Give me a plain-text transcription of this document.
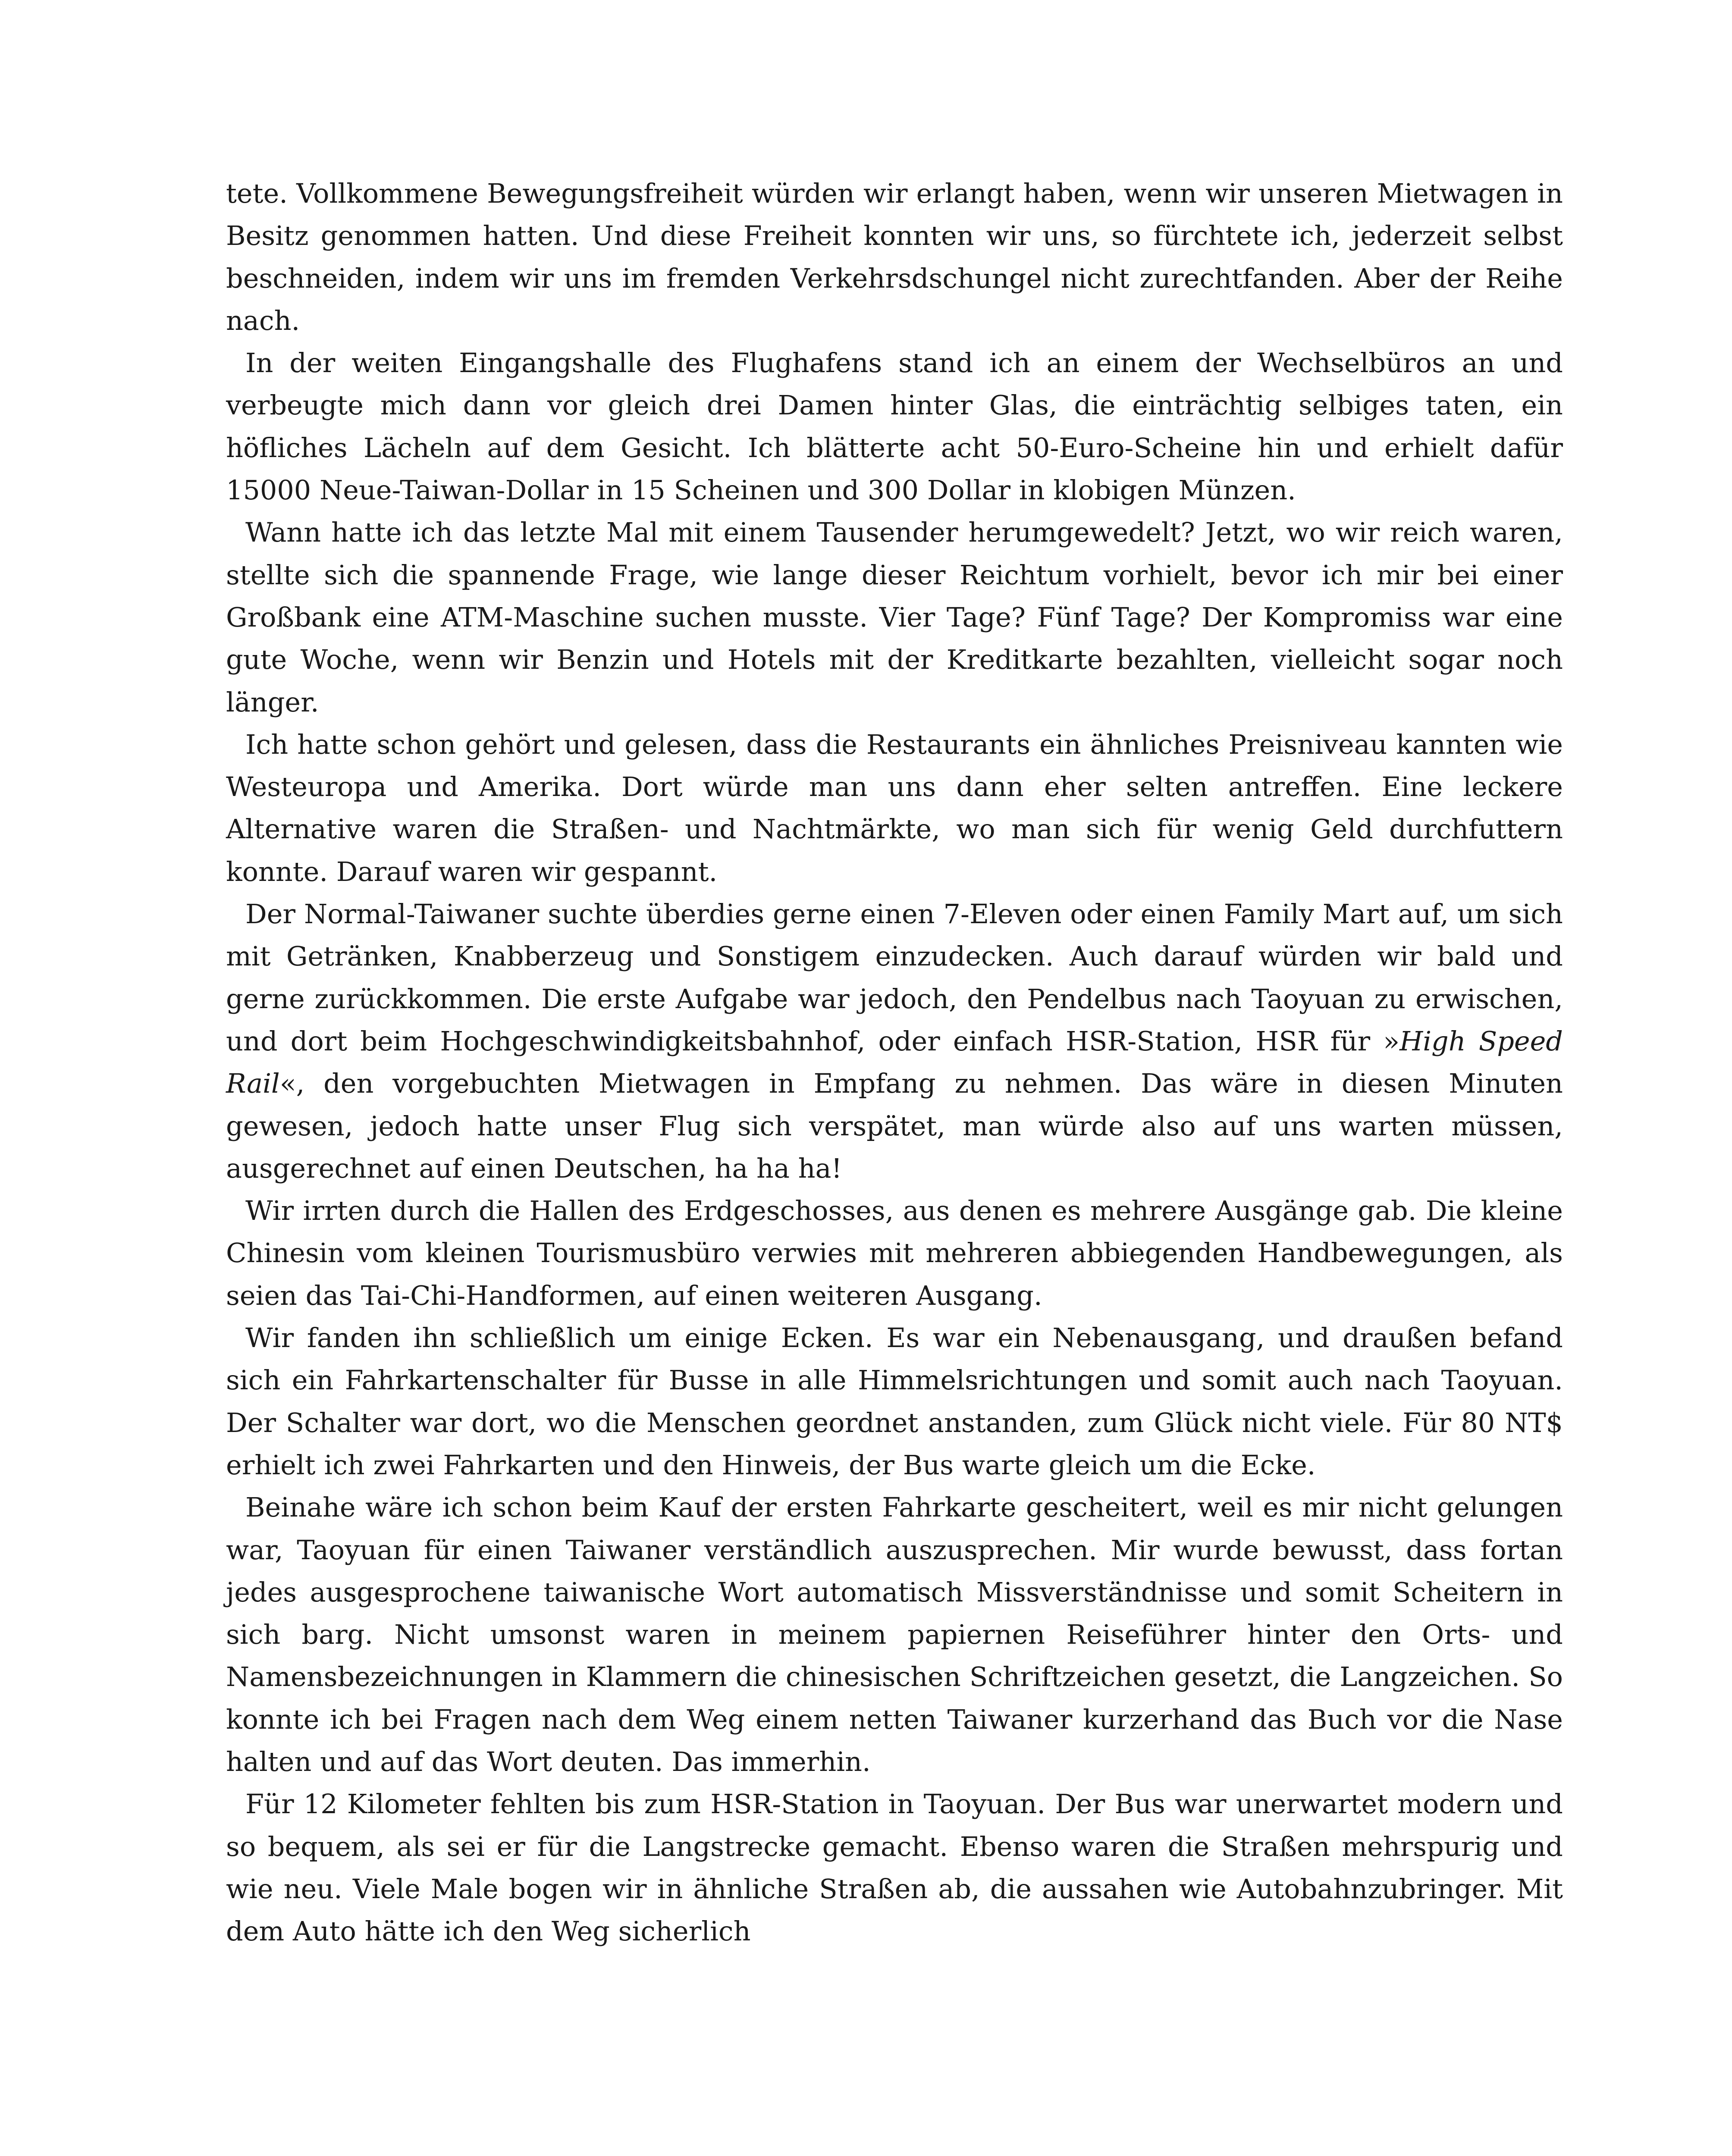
tete. Vollkommene Bewegungsfreiheit würden wir erlangt haben, wenn wir unseren Mietwagen in Besitz genommen hatten. Und diese Freiheit konnten wir uns, so fürchtete ich, jederzeit selbst beschneiden, indem wir uns im fremden Verkehrsdschungel nicht zurechtfanden. Aber der Reihe nach.

In der weiten Eingangshalle des Flughafens stand ich an einem der Wechselbüros an und verbeugte mich dann vor gleich drei Damen hinter Glas, die einträchtig selbiges taten, ein höfliches Lächeln auf dem Gesicht. Ich blätterte acht 50-Euro-Scheine hin und erhielt dafür 15000 Neue-Taiwan-Dollar in 15 Scheinen und 300 Dollar in klobigen Münzen.

Wann hatte ich das letzte Mal mit einem Tausender herumgewedelt? Jetzt, wo wir reich waren, stellte sich die spannende Frage, wie lange dieser Reichtum vorhielt, bevor ich mir bei einer Großbank eine ATM-Maschine suchen musste. Vier Tage? Fünf Tage? Der Kompromiss war eine gute Woche, wenn wir Benzin und Hotels mit der Kreditkarte bezahlten, vielleicht sogar noch länger.

Ich hatte schon gehört und gelesen, dass die Restaurants ein ähnliches Preisniveau kannten wie Westeuropa und Amerika. Dort würde man uns dann eher selten antreffen. Eine leckere Alternative waren die Straßen- und Nachtmärkte, wo man sich für wenig Geld durchfuttern konnte. Darauf waren wir gespannt.

Der Normal-Taiwaner suchte überdies gerne einen 7-Eleven oder einen Family Mart auf, um sich mit Getränken, Knabberzeug und Sonstigem einzudecken. Auch darauf würden wir bald und gerne zurückkommen. Die erste Aufgabe war jedoch, den Pendelbus nach Taoyuan zu erwischen, und dort beim Hochgeschwindigkeitsbahnhof, oder einfach HSR-Station, HSR für »High Speed Rail«, den vorgebuchten Mietwagen in Empfang zu nehmen. Das wäre in diesen Minuten gewesen, jedoch hatte unser Flug sich verspätet, man würde also auf uns warten müssen, ausgerechnet auf einen Deutschen, ha ha ha!

Wir irrten durch die Hallen des Erdgeschosses, aus denen es mehrere Ausgänge gab. Die kleine Chinesin vom kleinen Tourismusbüro verwies mit mehreren abbiegenden Handbewegungen, als seien das Tai-Chi-Handformen, auf einen weiteren Ausgang.

Wir fanden ihn schließlich um einige Ecken. Es war ein Nebenausgang, und draußen befand sich ein Fahrkartenschalter für Busse in alle Himmelsrichtungen und somit auch nach Taoyuan. Der Schalter war dort, wo die Menschen geordnet anstanden, zum Glück nicht viele. Für 80 NT$ erhielt ich zwei Fahrkarten und den Hinweis, der Bus warte gleich um die Ecke.

Beinahe wäre ich schon beim Kauf der ersten Fahrkarte gescheitert, weil es mir nicht gelungen war, Taoyuan für einen Taiwaner verständlich auszusprechen. Mir wurde bewusst, dass fortan jedes ausgesprochene taiwanische Wort automatisch Missverständnisse und somit Scheitern in sich barg. Nicht umsonst waren in meinem papiernen Reiseführer hinter den Orts- und Namensbezeichnungen in Klammern die chinesischen Schriftzeichen gesetzt, die Langzeichen. So konnte ich bei Fragen nach dem Weg einem netten Taiwaner kurzerhand das Buch vor die Nase halten und auf das Wort deuten. Das immerhin.

Für 12 Kilometer fehlten bis zum HSR-Station in Taoyuan. Der Bus war unerwartet modern und so bequem, als sei er für die Langstrecke gemacht. Ebenso waren die Straßen mehrspurig und wie neu. Viele Male bogen wir in ähnliche Straßen ab, die aussahen wie Autobahnzubringer. Mit dem Auto hätte ich den Weg sicherlich
